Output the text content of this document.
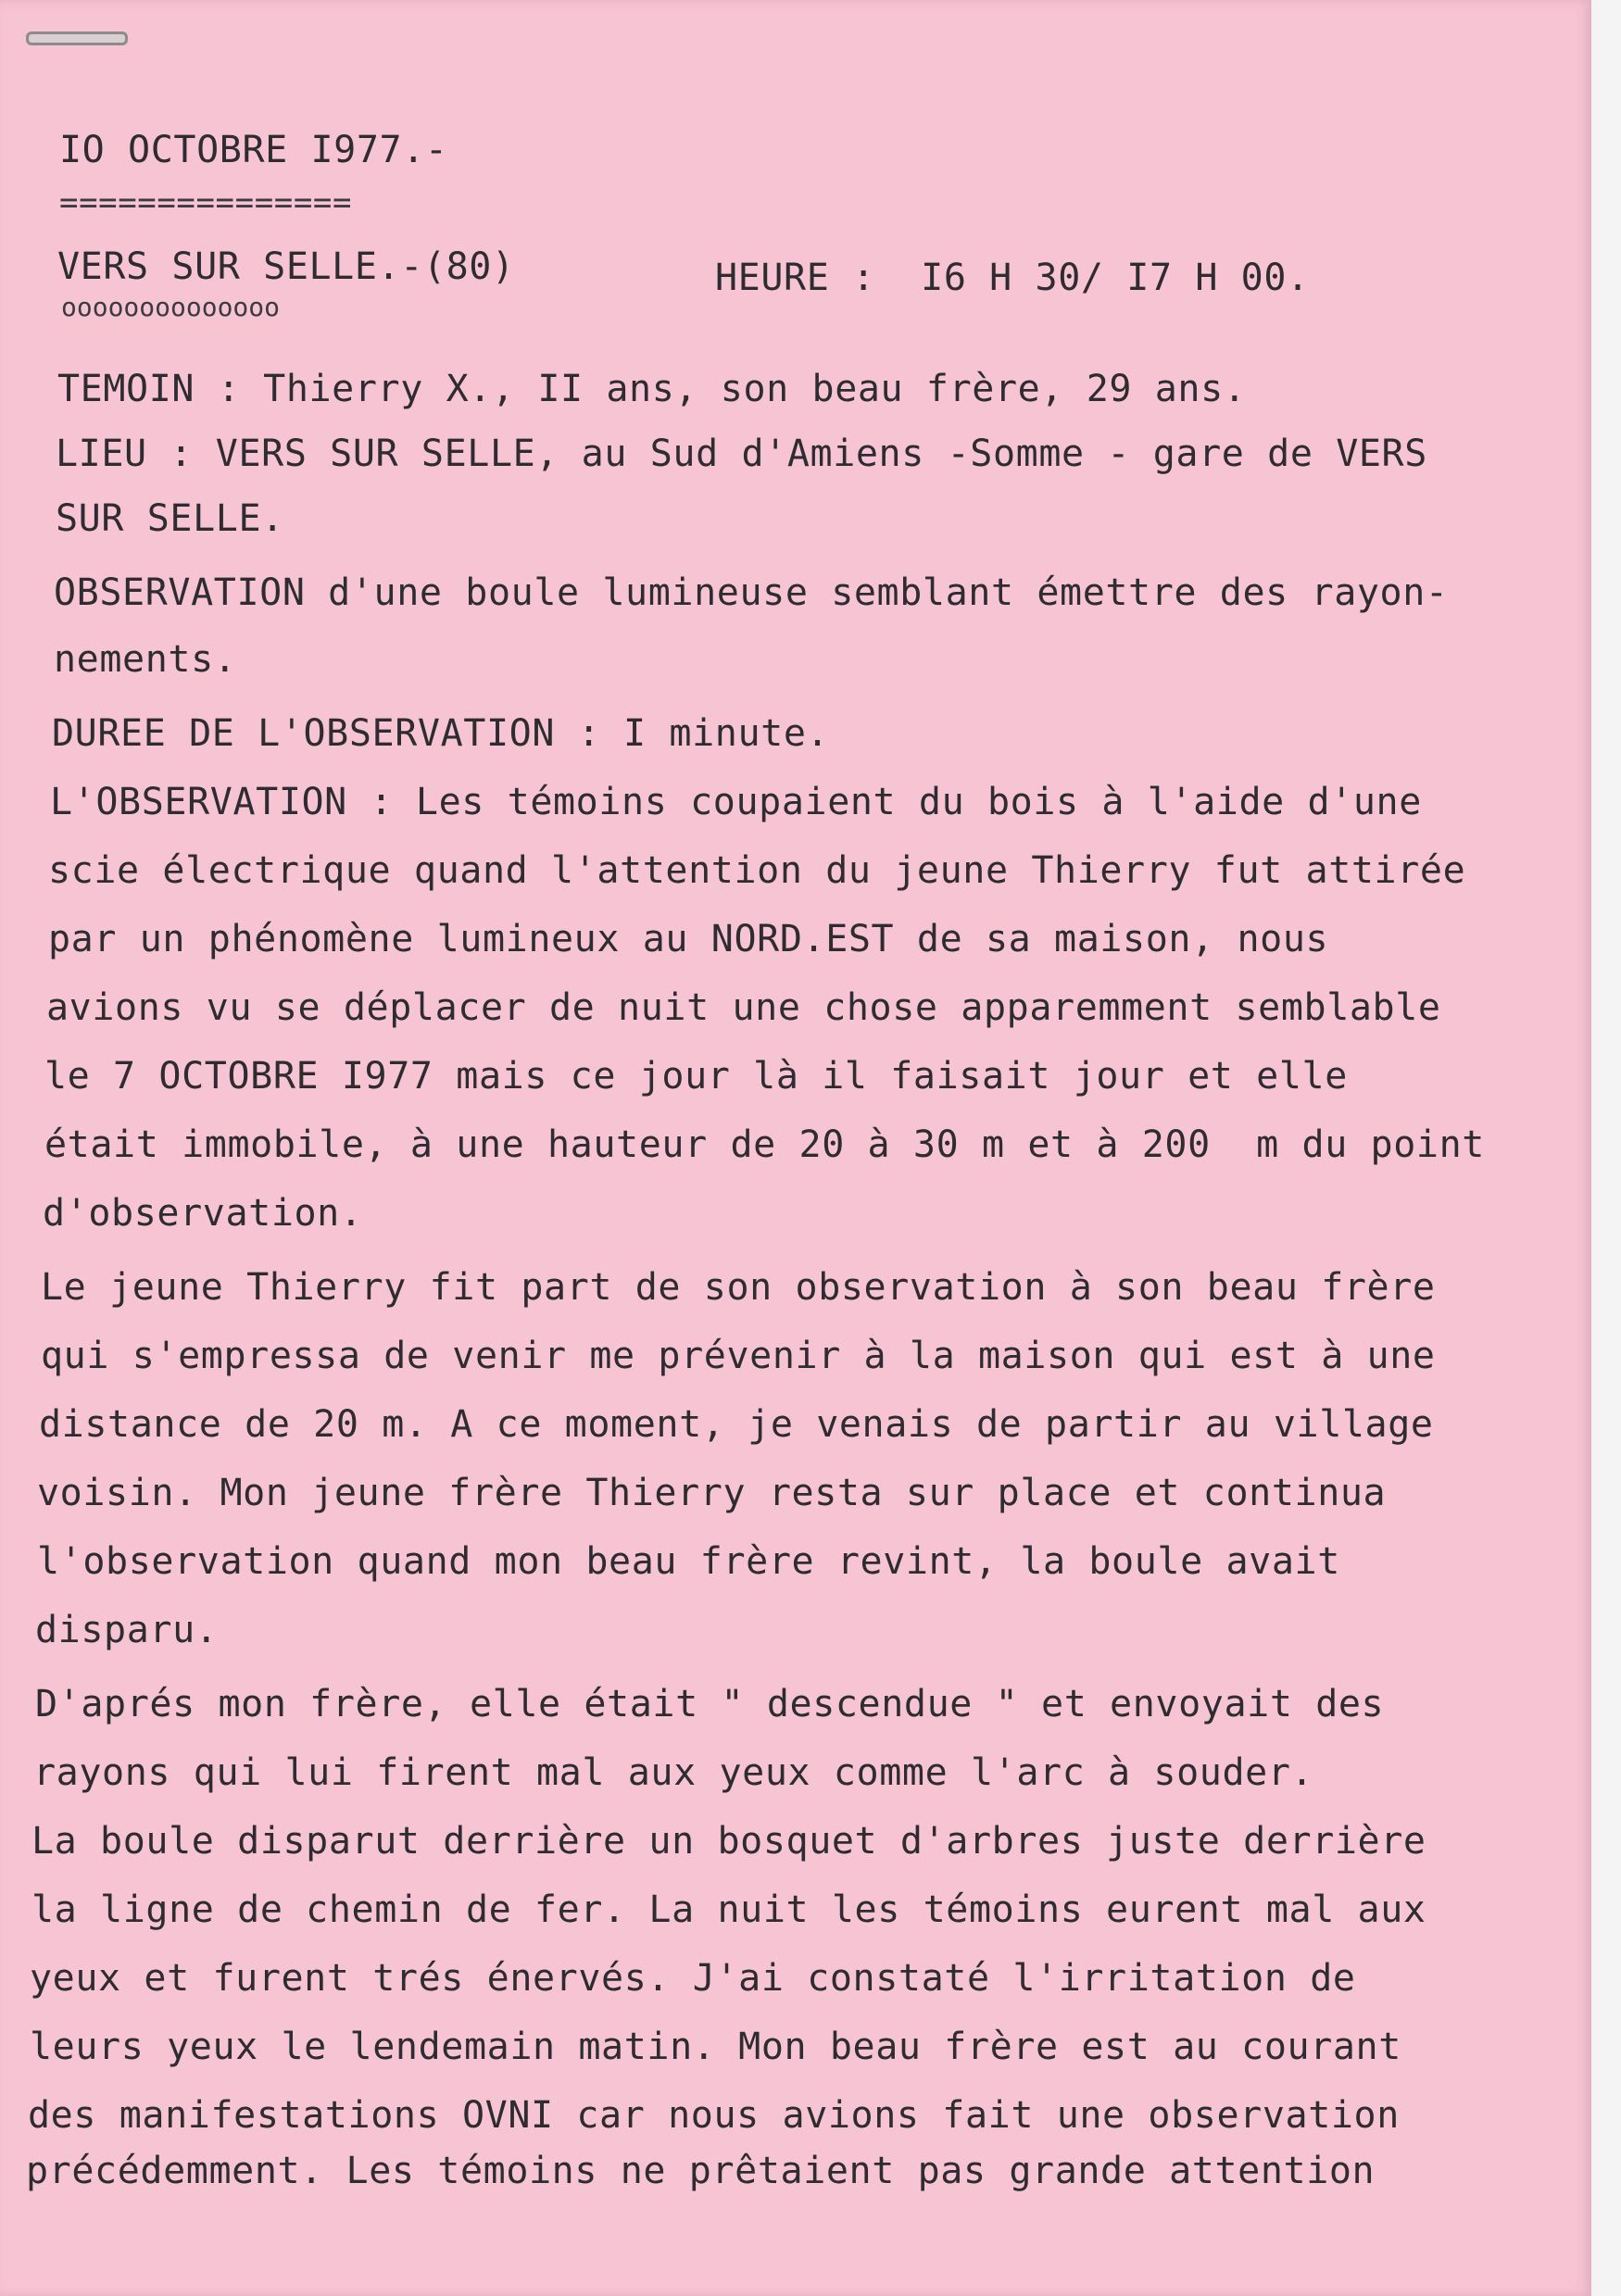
IO OCTOBRE I977.-

===============

VERS SUR SELLE.-(80)	HEURE :  I6 H 30/ I7 H 00.

oooooooooooooo

TEMOIN : Thierry X., II ans, son beau frère, 29 ans.

LIEU : VERS SUR SELLE, au Sud d'Amiens -Somme - gare de VERS

SUR SELLE.

OBSERVATION d'une boule lumineuse semblant émettre des rayon-

nements.

DUREE DE L'OBSERVATION : I minute.

L'OBSERVATION : Les témoins coupaient du bois à l'aide d'une

scie électrique quand l'attention du jeune Thierry fut attirée

par un phénomène lumineux au NORD.EST de sa maison, nous

avions vu se déplacer de nuit une chose apparemment semblable

le 7 OCTOBRE I977 mais ce jour là il faisait jour et elle

était immobile, à une hauteur de 20 à 30 m et à 200  m du point

d'observation.

Le jeune Thierry fit part de son observation à son beau frère

qui s'empressa de venir me prévenir à la maison qui est à une

distance de 20 m. A ce moment, je venais de partir au village

voisin. Mon jeune frère Thierry resta sur place et continua

l'observation quand mon beau frère revint, la boule avait

disparu.

D'aprés mon frère, elle était " descendue " et envoyait des

rayons qui lui firent mal aux yeux comme l'arc à souder.

La boule disparut derrière un bosquet d'arbres juste derrière

la ligne de chemin de fer. La nuit les témoins eurent mal aux

yeux et furent trés énervés. J'ai constaté l'irritation de

leurs yeux le lendemain matin. Mon beau frère est au courant

des manifestations OVNI car nous avions fait une observation

précédemment. Les témoins ne prêtaient pas grande attention
